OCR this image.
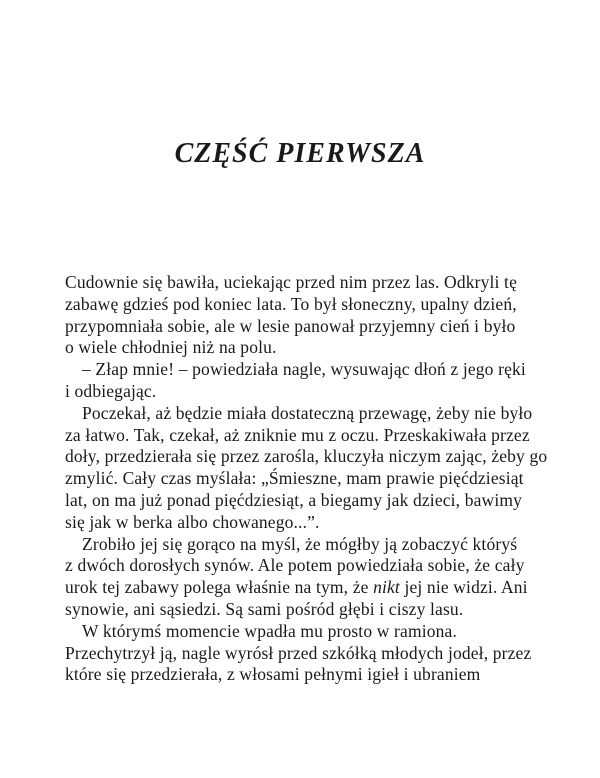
CZĘŚĆ PIERWSZA
Cudownie się bawiła, uciekając przed nim przez las. Odkryli tę
zabawę gdzieś pod koniec lata. To był słoneczny, upalny dzień,
przypomniała sobie, ale w lesie panował przyjemny cień i było
o wiele chłodniej niż na polu.
– Złap mnie! – powiedziała nagle, wysuwając dłoń z jego ręki
i odbiegając.
Poczekał, aż będzie miała dostateczną przewagę, żeby nie było
za łatwo. Tak, czekał, aż zniknie mu z oczu. Przeskakiwała przez
doły, przedzierała się przez zarośla, kluczyła niczym zając, żeby go
zmylić. Cały czas myślała: „Śmieszne, mam prawie pięćdziesiąt
lat, on ma już ponad pięćdziesiąt, a biegamy jak dzieci, bawimy
się jak w berka albo chowanego...”.
Zrobiło jej się gorąco na myśl, że mógłby ją zobaczyć któryś
z dwóch dorosłych synów. Ale potem powiedziała sobie, że cały
urok tej zabawy polega właśnie na tym, że nikt jej nie widzi. Ani
synowie, ani sąsiedzi. Są sami pośród głębi i ciszy lasu.
W którymś momencie wpadła mu prosto w ramiona.
Przechytrzył ją, nagle wyrósł przed szkółką młodych jodeł, przez
które się przedzierała, z włosami pełnymi igieł i ubraniem
